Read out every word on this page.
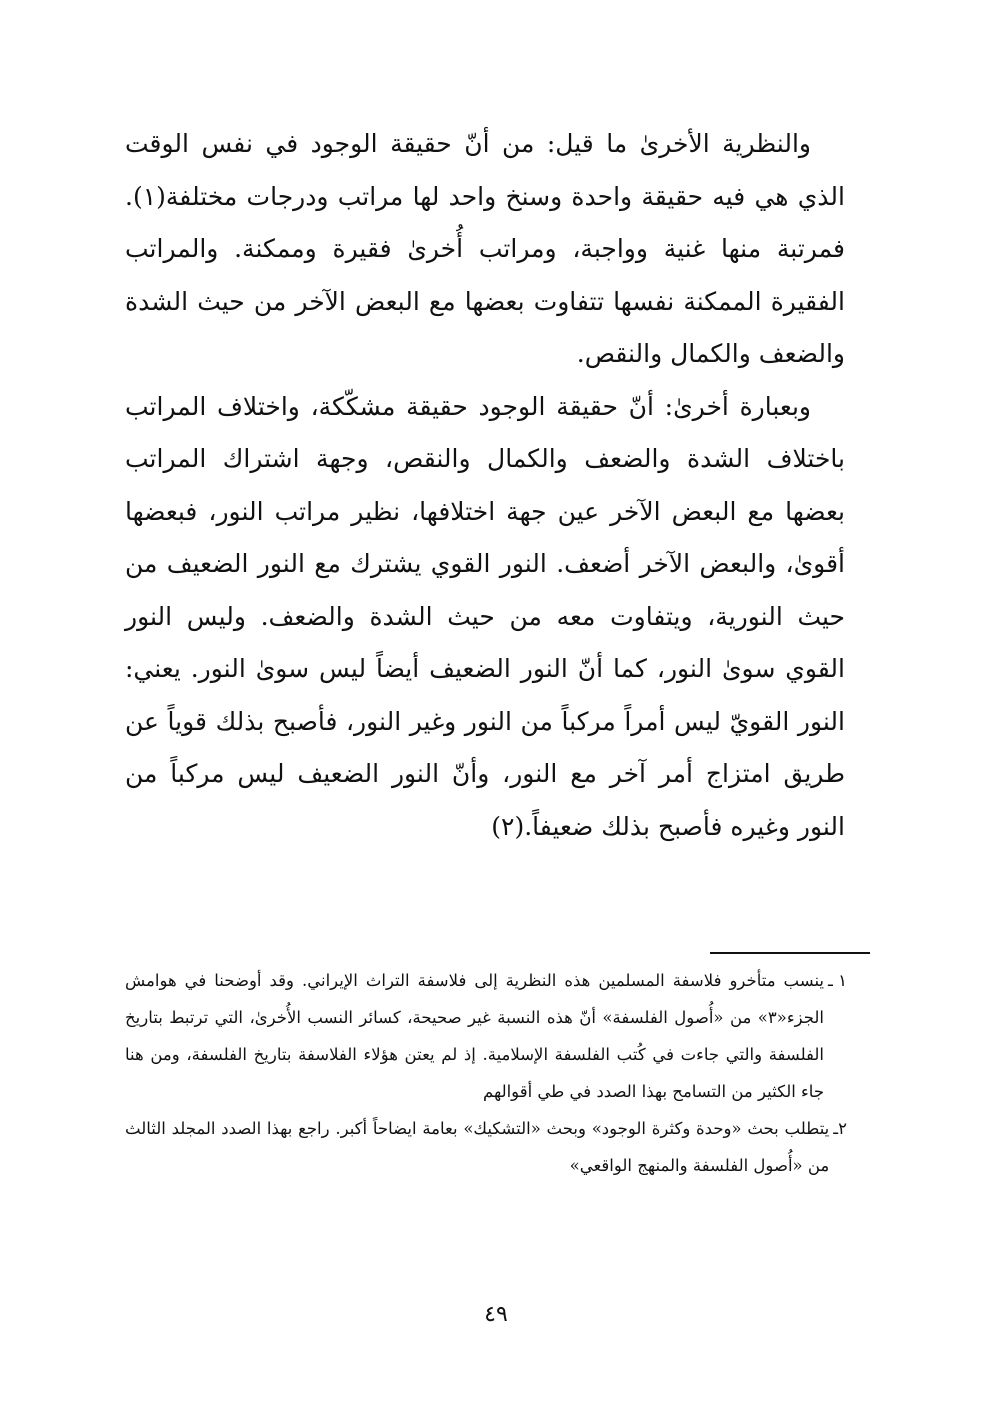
والنظرية الأخرىٰ ما قيل: من أنّ حقيقة الوجود في نفس الوقت الذي هي فيه حقيقة واحدة وسنخ واحد لها مراتب ودرجات مختلفة(١). فمرتبة منها غنية وواجبة، ومراتب أُخرىٰ فقيرة وممكنة. والمراتب الفقيرة الممكنة نفسها تتفاوت بعضها مع البعض الآخر من حيث الشدة والضعف والكمال والنقص.

وبعبارة أخرىٰ: أنّ حقيقة الوجود حقيقة مشكّكة، واختلاف المراتب باختلاف الشدة والضعف والكمال والنقص، وجهة اشتراك المراتب بعضها مع البعض الآخر عين جهة اختلافها، نظير مراتب النور، فبعضها أقوىٰ، والبعض الآخر أضعف. النور القوي يشترك مع النور الضعيف من حيث النورية، ويتفاوت معه من حيث الشدة والضعف. وليس النور القوي سوىٰ النور، كما أنّ النور الضعيف أيضاً ليس سوىٰ النور. يعني: النور القويّ ليس أمراً مركباً من النور وغير النور، فأصبح بذلك قوياً عن طريق امتزاج أمر آخر مع النور، وأنّ النور الضعيف ليس مركباً من النور وغيره فأصبح بذلك ضعيفاً.(٢)

١ ـ
ينسب متأخرو فلاسفة المسلمين هذه النظرية إلى فلاسفة التراث الإيراني. وقد أوضحنا في هوامش الجزء«٣» من «أُصول الفلسفة» أنّ هذه النسبة غير صحيحة، كسائر النسب الأُخرىٰ، التي ترتبط بتاريخ الفلسفة والتي جاءت في كُتب الفلسفة الإسلامية. إذ لم يعتن هؤلاء الفلاسفة بتاريخ الفلسفة، ومن هنا جاء الكثير من التسامح بهذا الصدد في طي أقوالهم
٢ـ
يتطلب بحث «وحدة وكثرة الوجود» وبحث «التشكيك» بعامة ايضاحاً أكبر. راجع بهذا الصدد المجلد الثالث من «أُصول الفلسفة والمنهج الواقعي»
٤٩
